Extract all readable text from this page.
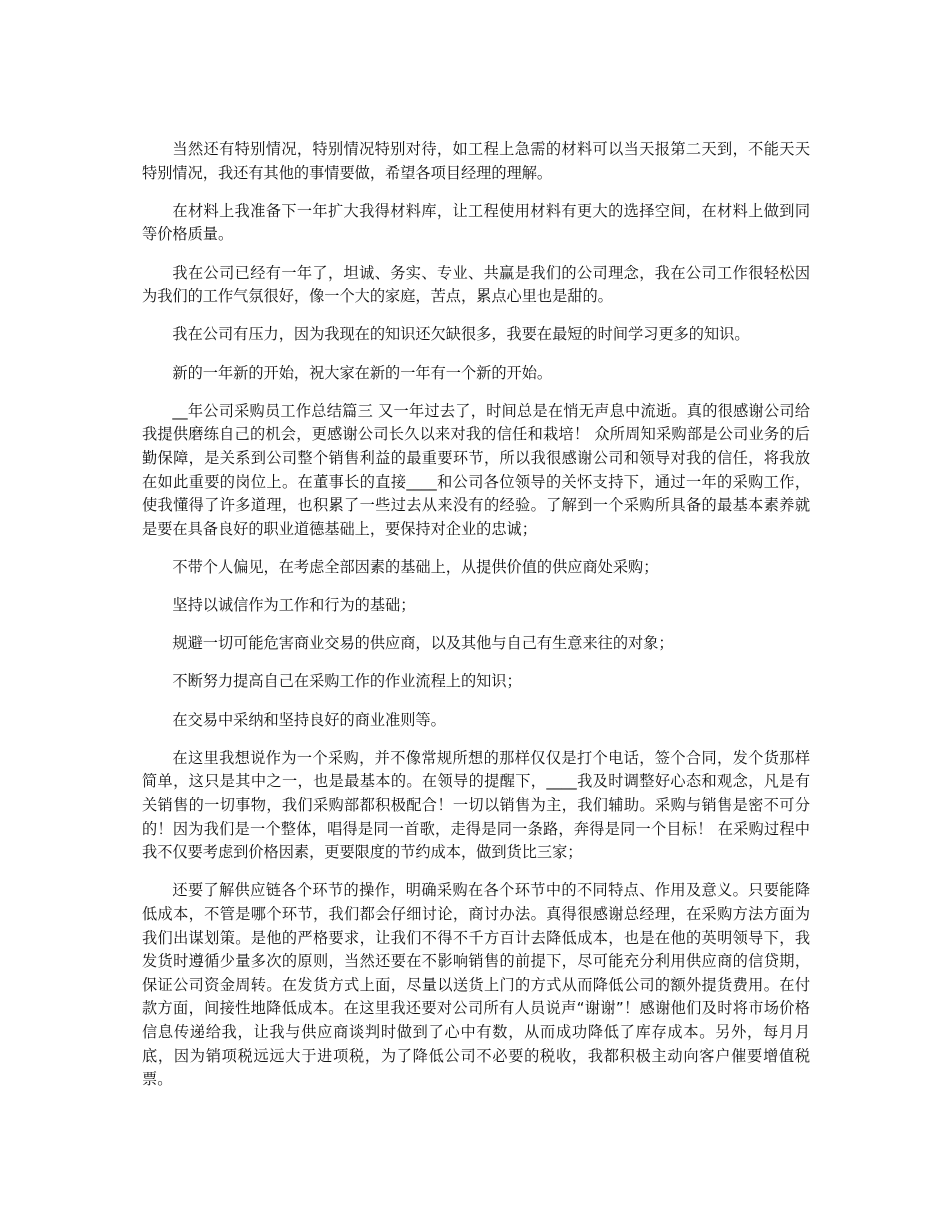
当然还有特别情况，特别情况特别对待，如工程上急需的材料可以当天报第二天到，不能天天特别情况，我还有其他的事情要做，希望各项目经理的理解。

在材料上我准备下一年扩大我得材料库，让工程使用材料有更大的选择空间，在材料上做到同等价格质量。

我在公司已经有一年了，坦诚、务实、专业、共赢是我们的公司理念，我在公司工作很轻松因为我们的工作气氛很好，像一个大的家庭，苦点，累点心里也是甜的。

我在公司有压力，因为我现在的知识还欠缺很多，我要在最短的时间学习更多的知识。

新的一年新的开始，祝大家在新的一年有一个新的开始。

__年公司采购员工作总结篇三 又一年过去了，时间总是在悄无声息中流逝。真的很感谢公司给我提供磨练自己的机会，更感谢公司长久以来对我的信任和栽培！ 众所周知采购部是公司业务的后勤保障，是关系到公司整个销售利益的最重要环节，所以我很感谢公司和领导对我的信任，将我放在如此重要的岗位上。在董事长的直接____和公司各位领导的关怀支持下，通过一年的采购工作，使我懂得了许多道理，也积累了一些过去从来没有的经验。了解到一个采购所具备的最基本素养就是要在具备良好的职业道德基础上，要保持对企业的忠诚；

不带个人偏见，在考虑全部因素的基础上，从提供价值的供应商处采购；

坚持以诚信作为工作和行为的基础；

规避一切可能危害商业交易的供应商，以及其他与自己有生意来往的对象；

不断努力提高自己在采购工作的作业流程上的知识；

在交易中采纳和坚持良好的商业准则等。

在这里我想说作为一个采购，并不像常规所想的那样仅仅是打个电话，签个合同，发个货那样简单，这只是其中之一，也是最基本的。在领导的提醒下，____我及时调整好心态和观念，凡是有关销售的一切事物，我们采购部都积极配合！一切以销售为主，我们辅助。采购与销售是密不可分的！因为我们是一个整体，唱得是同一首歌，走得是同一条路，奔得是同一个目标！ 在采购过程中我不仅要考虑到价格因素，更要限度的节约成本，做到货比三家；

还要了解供应链各个环节的操作，明确采购在各个环节中的不同特点、作用及意义。只要能降低成本，不管是哪个环节，我们都会仔细讨论，商讨办法。真得很感谢总经理，在采购方法方面为我们出谋划策。是他的严格要求，让我们不得不千方百计去降低成本，也是在他的英明领导下，我发货时遵循少量多次的原则，当然还要在不影响销售的前提下，尽可能充分利用供应商的信贷期，保证公司资金周转。在发货方式上面，尽量以送货上门的方式从而降低公司的额外提货费用。在付款方面，间接性地降低成本。在这里我还要对公司所有人员说声“谢谢”！感谢他们及时将市场价格信息传递给我，让我与供应商谈判时做到了心中有数，从而成功降低了库存成本。另外，每月月底，因为销项税远远大于进项税，为了降低公司不必要的税收，我都积极主动向客户催要增值税票。
